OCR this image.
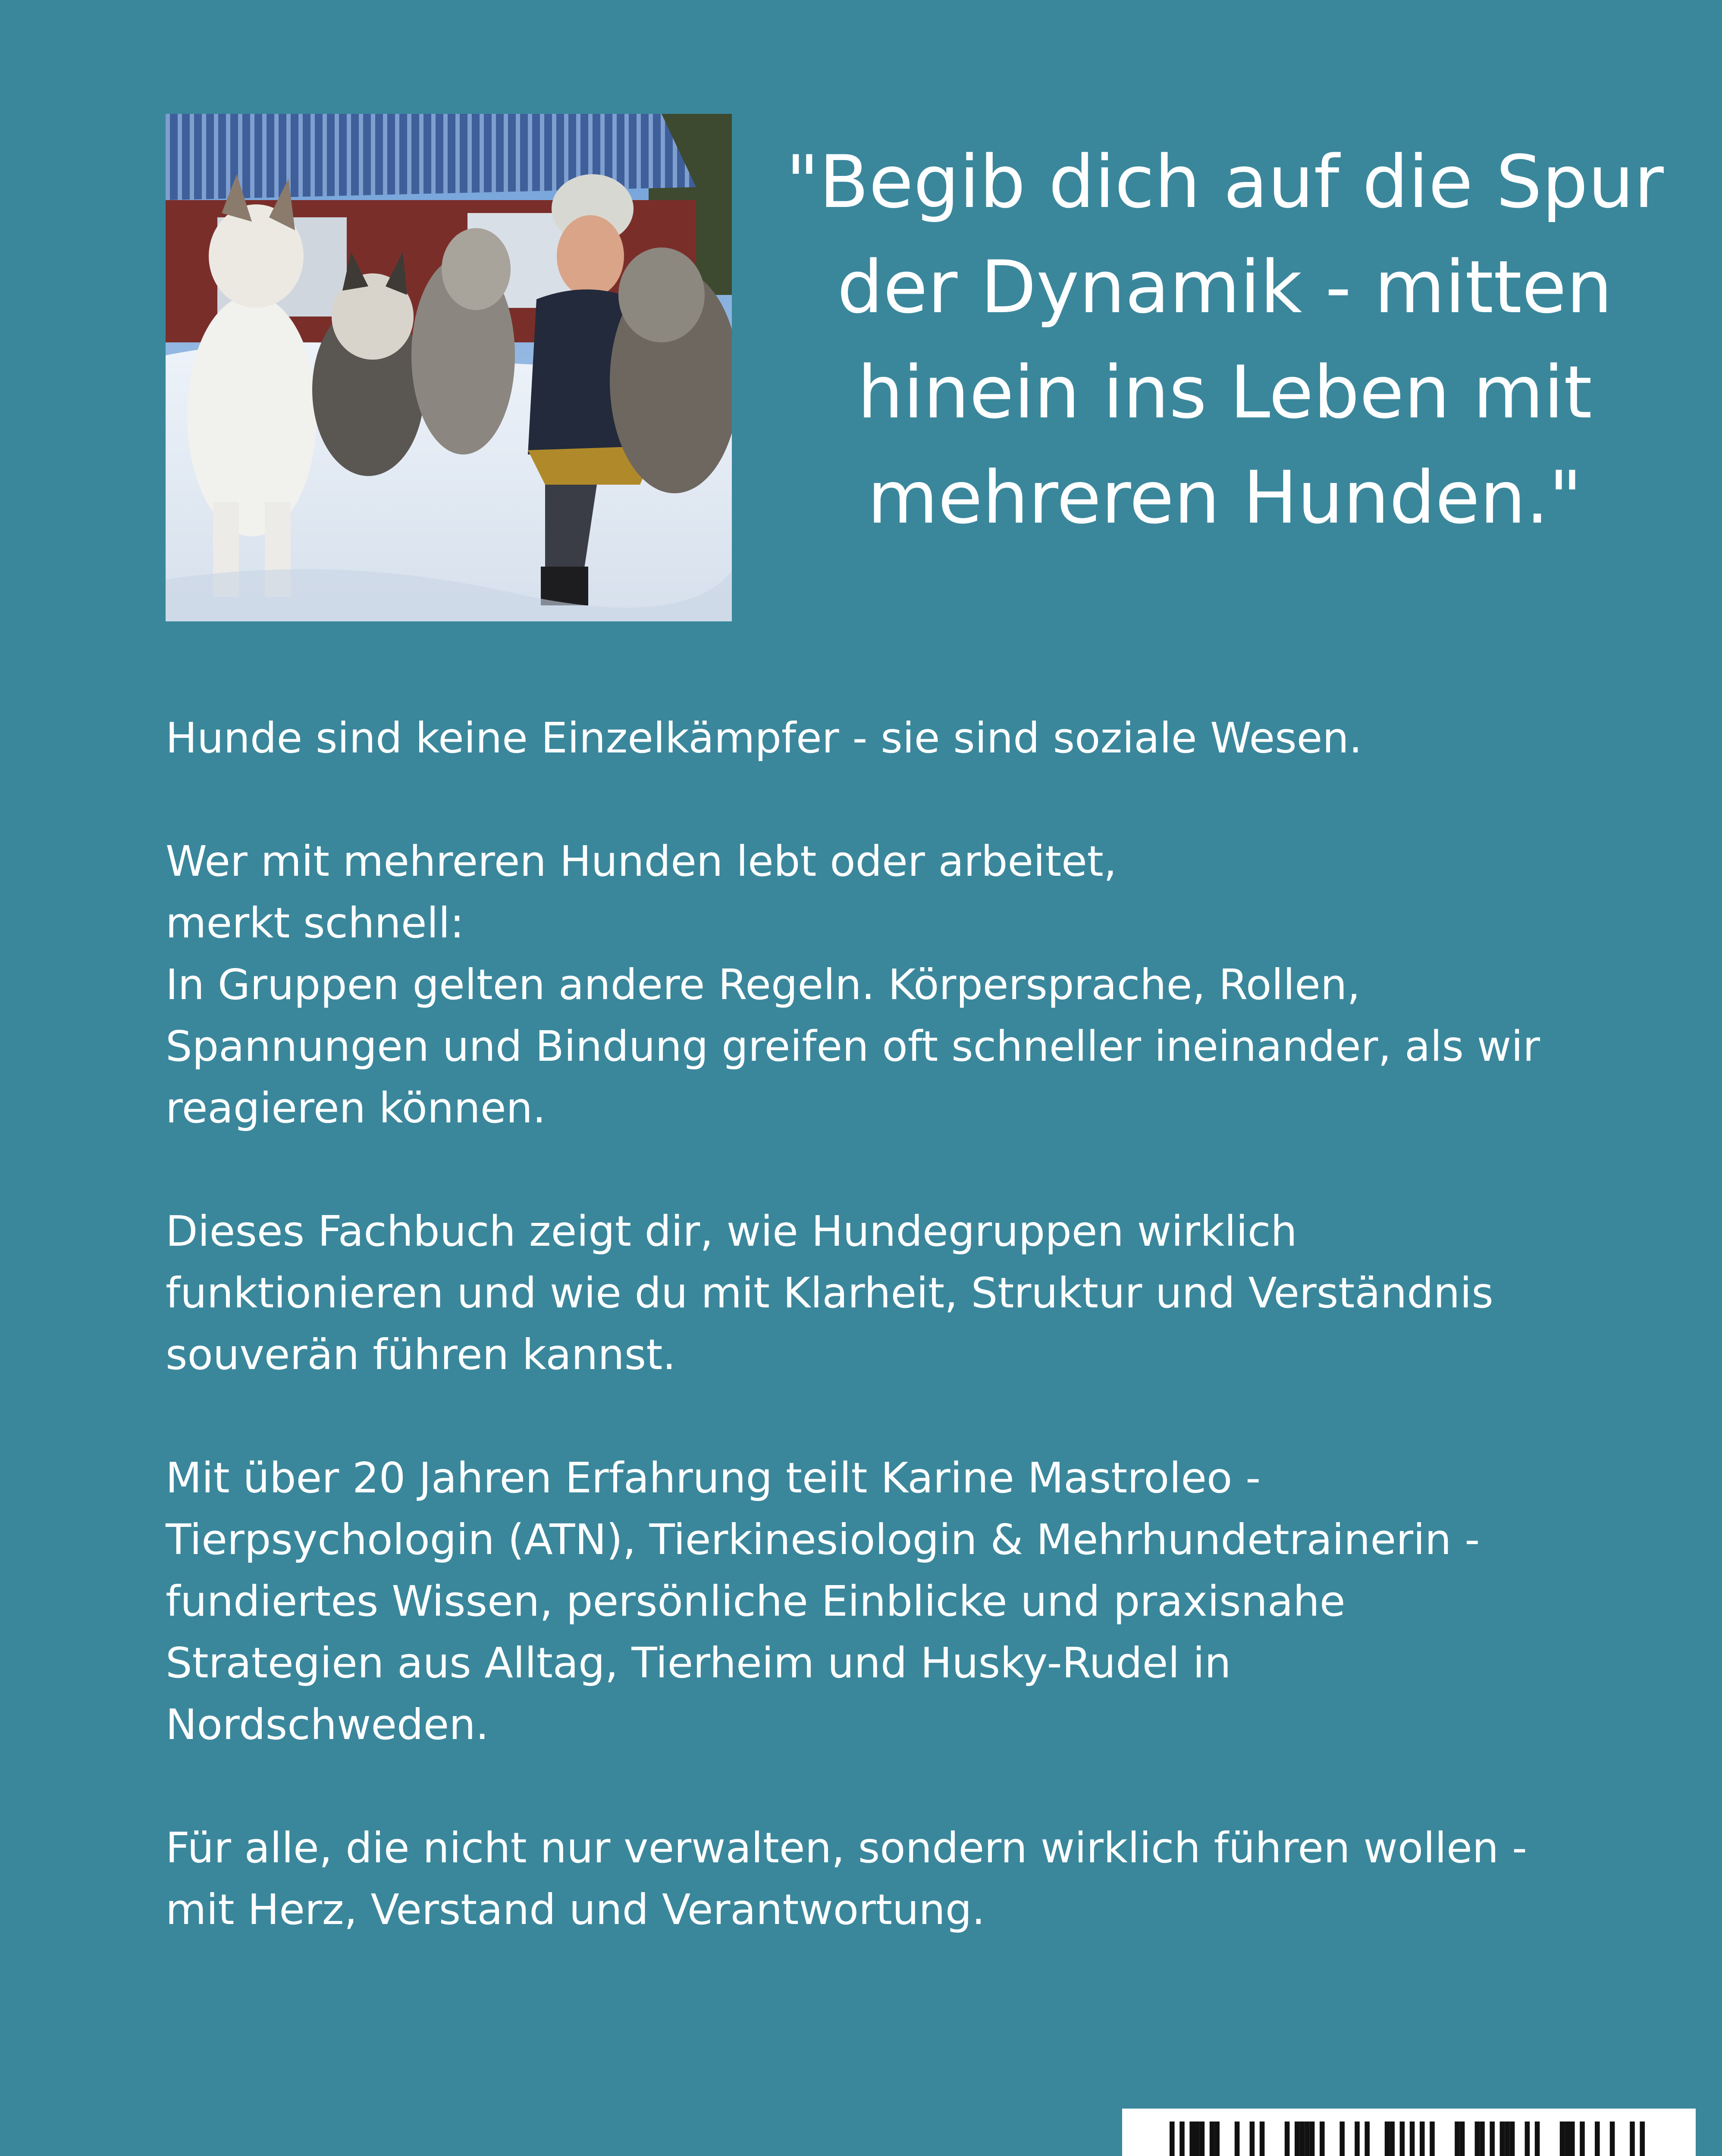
"Begib dich auf die Spur
der Dynamik - mitten
hinein ins Leben mit
mehreren Hunden."

Hunde sind keine Einzelkämpfer - sie sind soziale Wesen.

Wer mit mehreren Hunden lebt oder arbeitet,
merkt schnell:
In Gruppen gelten andere Regeln. Körpersprache, Rollen,
Spannungen und Bindung greifen oft schneller ineinander, als wir
reagieren können.

Dieses Fachbuch zeigt dir, wie Hundegruppen wirklich
funktionieren und wie du mit Klarheit, Struktur und Verständnis
souverän führen kannst.

Mit über 20 Jahren Erfahrung teilt Karine Mastroleo -
Tierpsychologin (ATN), Tierkinesiologin & Mehrhundetrainerin -
fundiertes Wissen, persönliche Einblicke und praxisnahe
Strategien aus Alltag, Tierheim und Husky-Rudel in
Nordschweden.

Für alle, die nicht nur verwalten, sondern wirklich führen wollen -
mit Herz, Verstand und Verantwortung.
